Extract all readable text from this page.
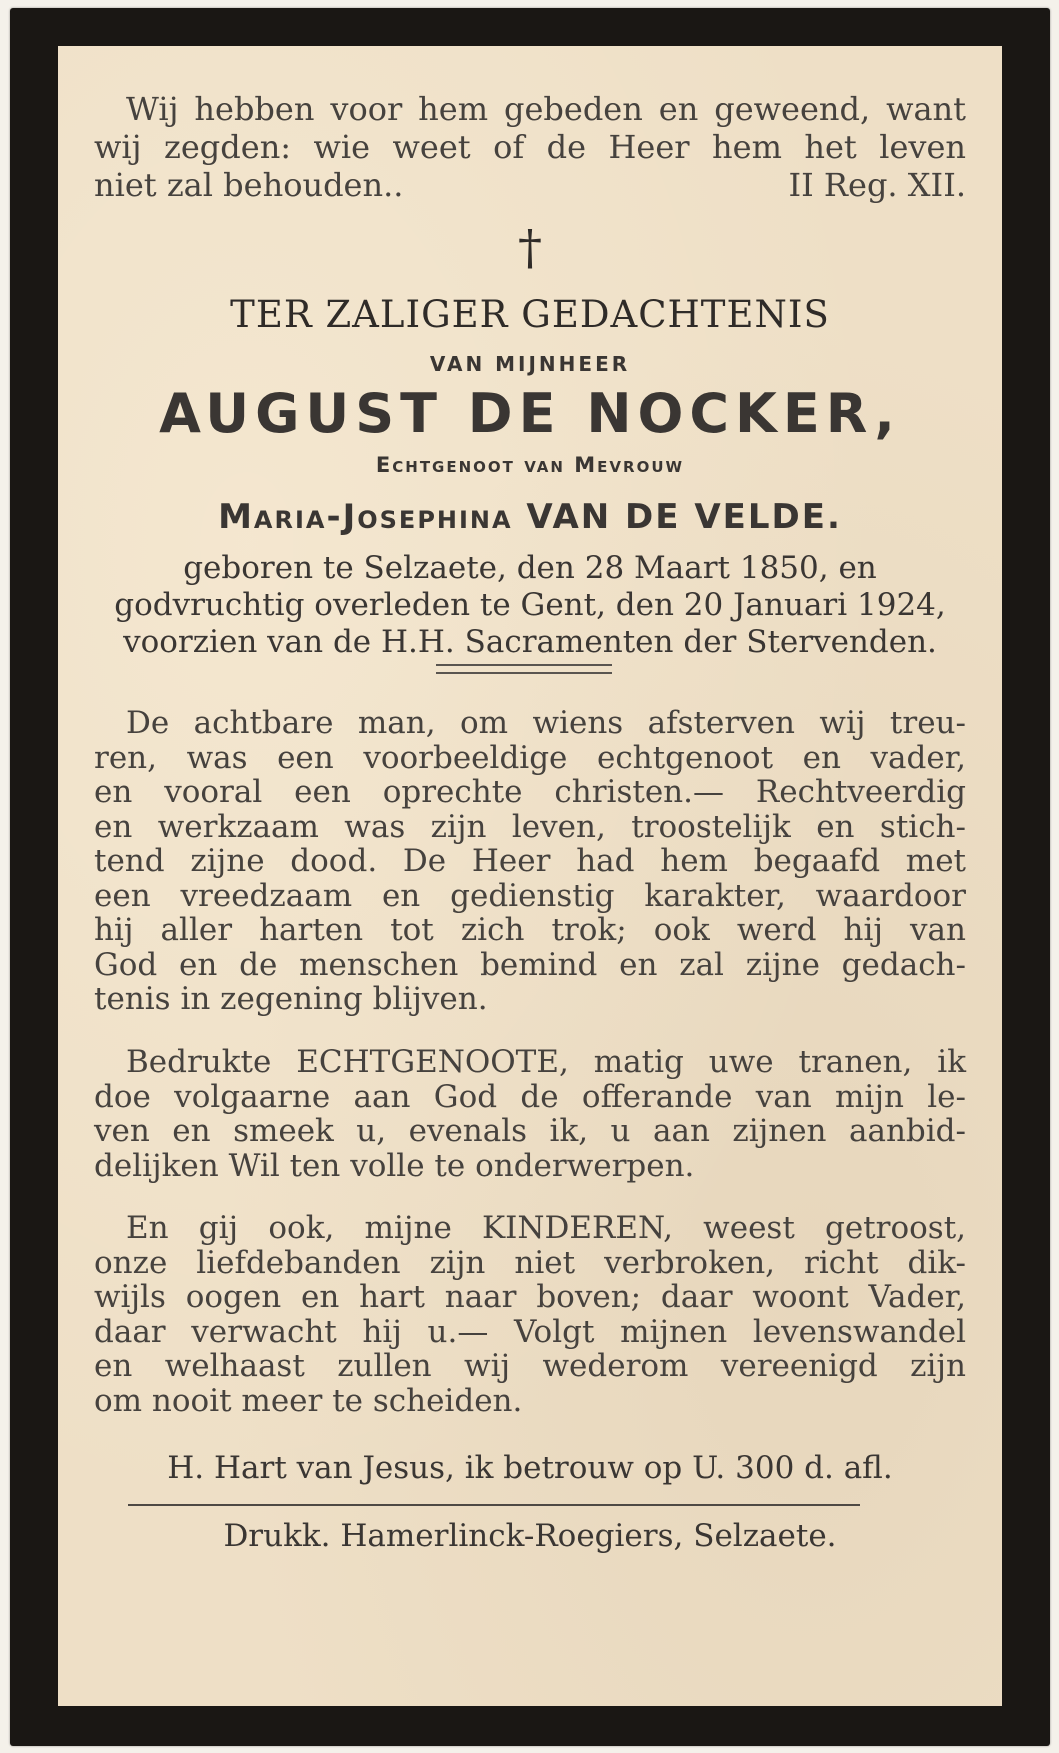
Wij hebben voor hem gebeden en geweend, want
wij zegden: wie weet of de Heer hem het leven
niet zal behouden..	II Reg. XII.
†
TER ZALIGER GEDACHTENIS
VAN MIJNHEER
AUGUST DE NOCKER,
Echtgenoot van Mevrouw
Maria-Josephina VAN DE VELDE.
geboren te Selzaete, den 28 Maart 1850, en
godvruchtig overleden te Gent, den 20 Januari 1924,
voorzien van de H.H. Sacramenten der Stervenden.
De achtbare man, om wiens afsterven wij treu-
ren, was een voorbeeldige echtgenoot en vader,
en vooral een oprechte christen.— Rechtveerdig
en werkzaam was zijn leven, troostelijk en stich-
tend zijne dood. De Heer had hem begaafd met
een vreedzaam en gedienstig karakter, waardoor
hij aller harten tot zich trok; ook werd hij van
God en de menschen bemind en zal zijne gedach-
tenis in zegening blijven.
Bedrukte ECHTGENOOTE, matig uwe tranen, ik
doe volgaarne aan God de offerande van mijn le-
ven en smeek u, evenals ik, u aan zijnen aanbid-
delijken Wil ten volle te onderwerpen.
En gij ook, mijne KINDEREN, weest getroost,
onze liefdebanden zijn niet verbroken, richt dik-
wijls oogen en hart naar boven; daar woont Vader,
daar verwacht hij u.— Volgt mijnen levenswandel
en welhaast zullen wij wederom vereenigd zijn
om nooit meer te scheiden.
H. Hart van Jesus, ik betrouw op U. 300 d. afl.
Drukk. Hamerlinck-Roegiers, Selzaete.
